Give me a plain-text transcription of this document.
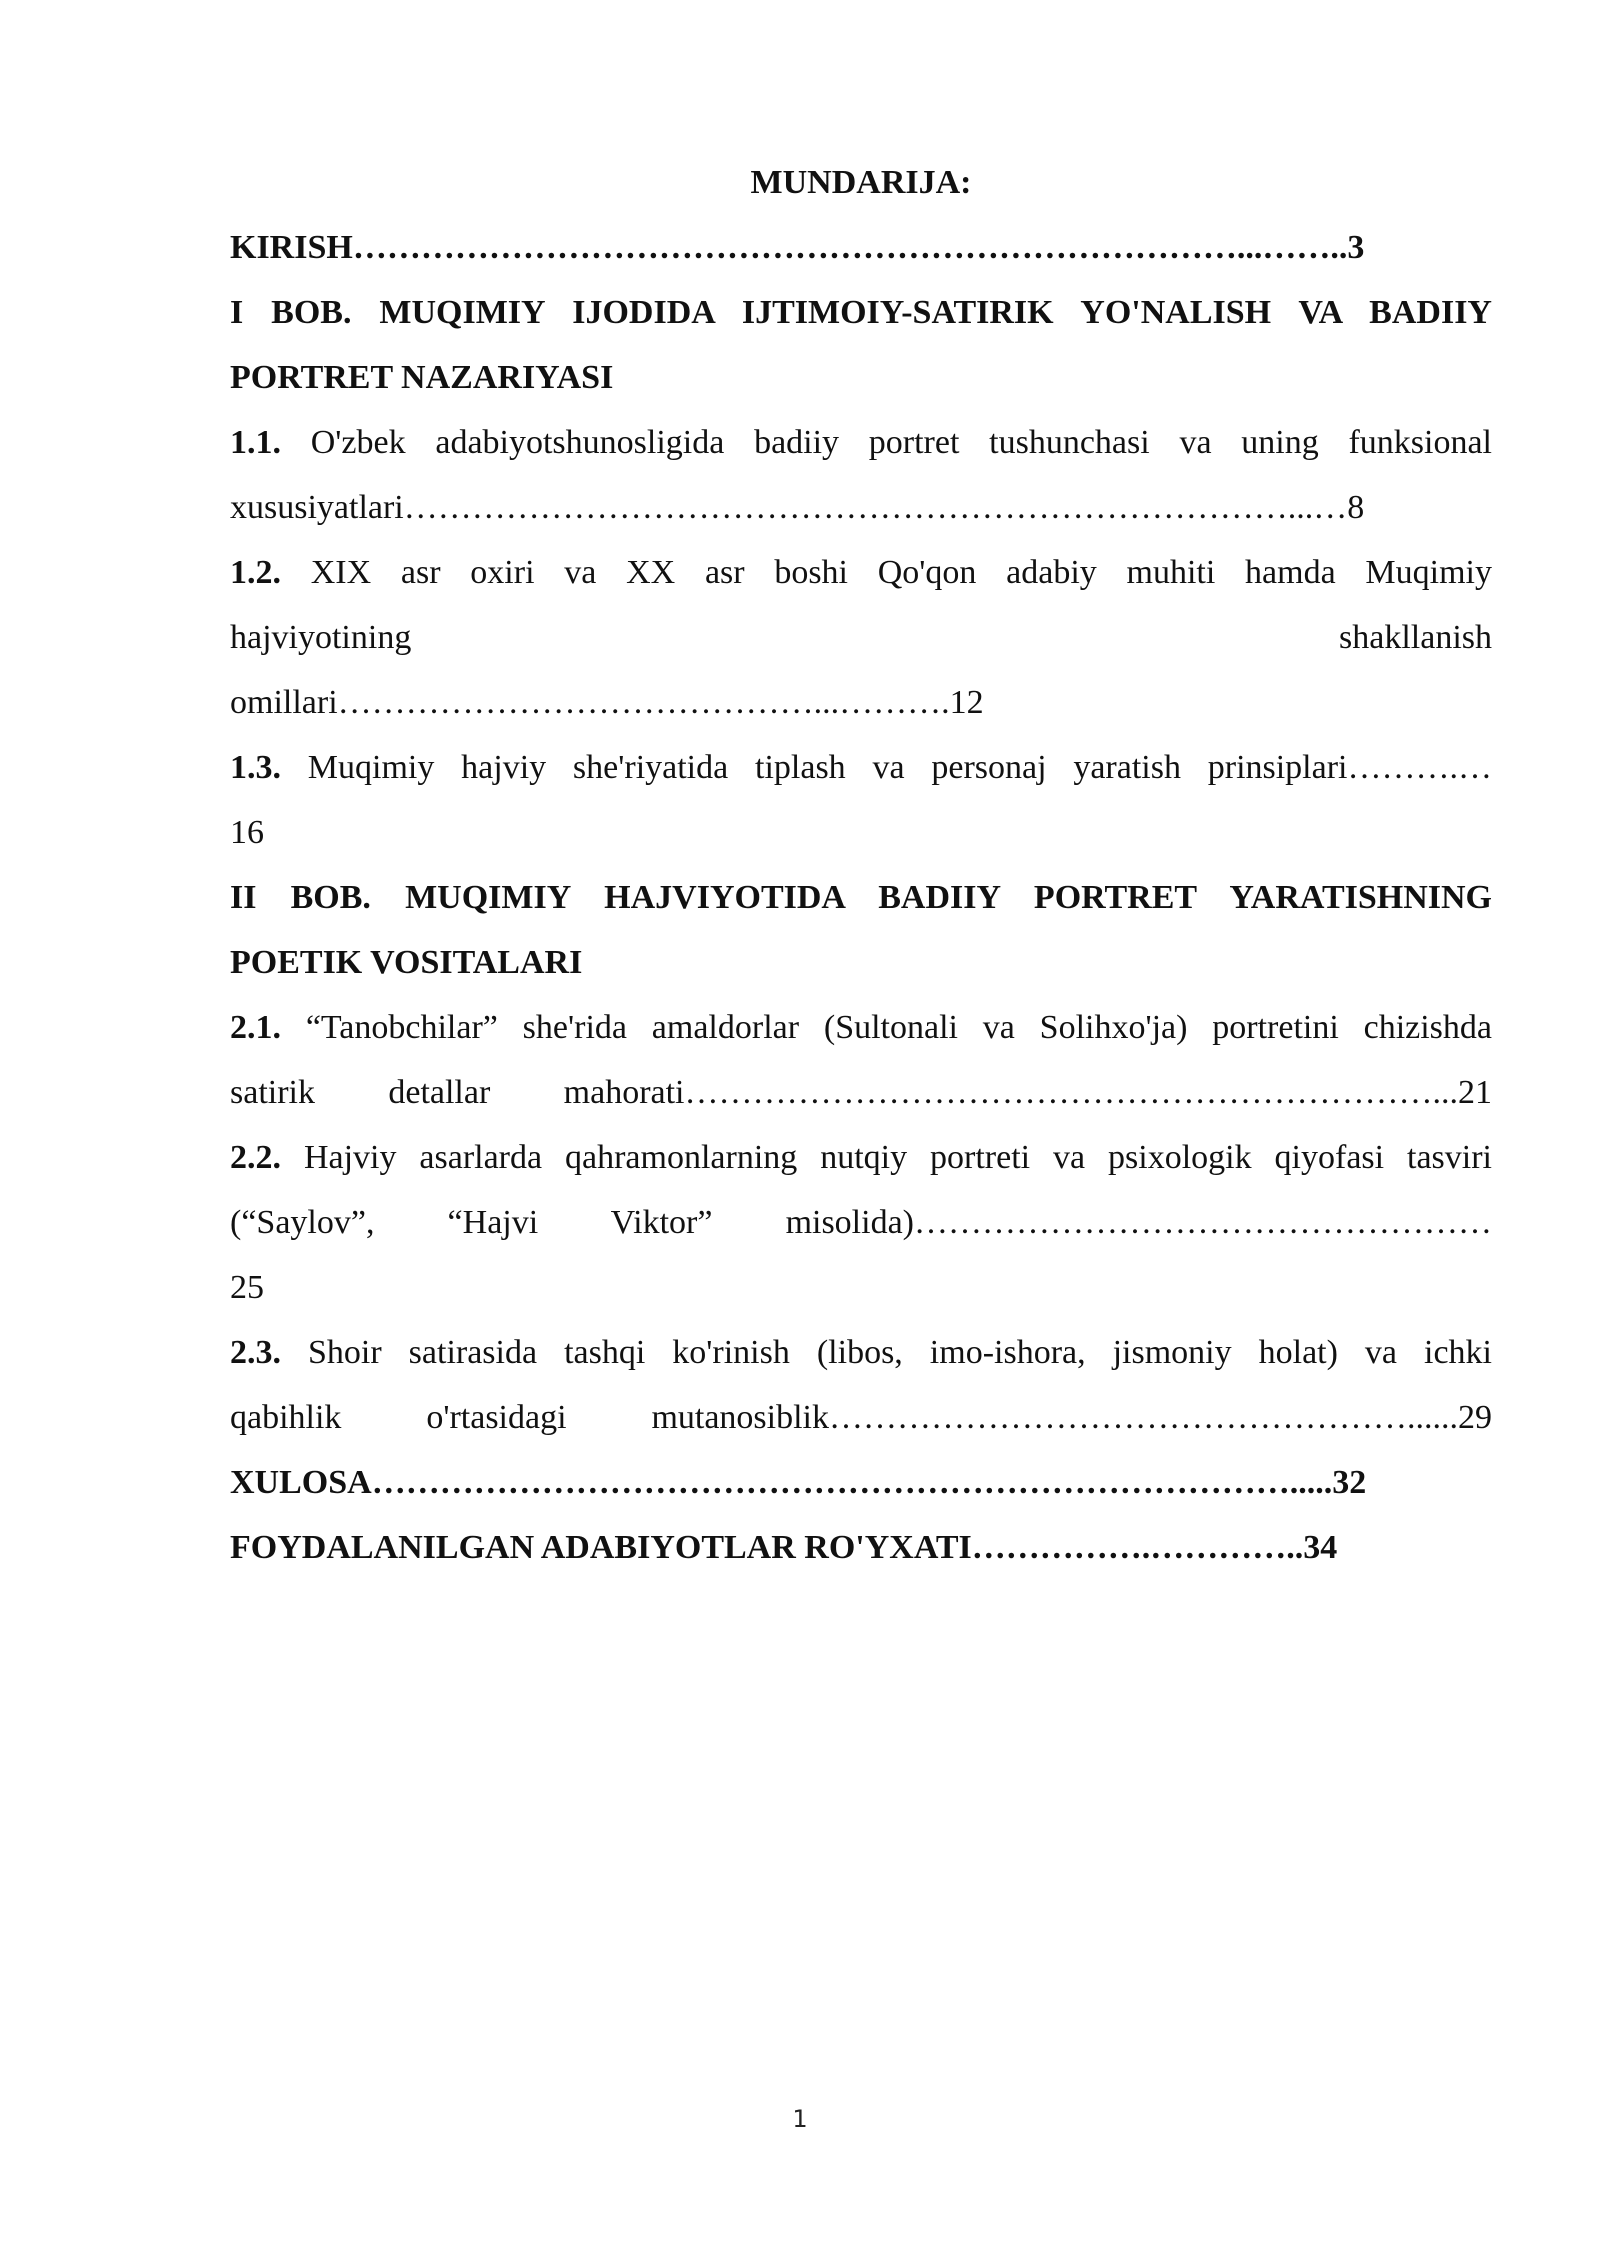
MUNDARIJA:

KIRISH……………………………………………………………………...……..3

I BOB. MUQIMIY IJODIDA IJTIMOIY-SATIRIK YO'NALISH VA BADIIY

PORTRET NAZARIYASI

1.1. O'zbek adabiyotshunosligida badiiy portret tushunchasi va uning funksional

xususiyatlari……………………………………………………………………...…8

1.2. XIX asr oxiri va XX asr boshi Qo'qon adabiy muhiti hamda Muqimiy

hajviyotining	shakllanish

omillari……………………………………...……….12

1.3. Muqimiy hajviy she'riyatida tiplash va personaj yaratish prinsiplari……….…

16

II BOB. MUQIMIY HAJVIYOTIDA BADIIY PORTRET YARATISHNING

POETIK VOSITALARI

2.1. “Tanobchilar” she'rida amaldorlar (Sultonali va Solihxo'ja) portretini chizishda

satirik detallar mahorati…………………………………………………………...21

2.2. Hajviy asarlarda qahramonlarning nutqiy portreti va psixologik qiyofasi tasviri

(“Saylov”, “Hajvi Viktor” misolida)……………………………………………

25

2.3. Shoir satirasida tashqi ko'rinish (libos, imo-ishora, jismoniy holat) va ichki

qabihlik o'rtasidagi mutanosiblik……………………………………………......29

XULOSA……………………………………………………………………….....32

FOYDALANILGAN ADABIYOTLAR RO'YXATI…………….…………..34

1
